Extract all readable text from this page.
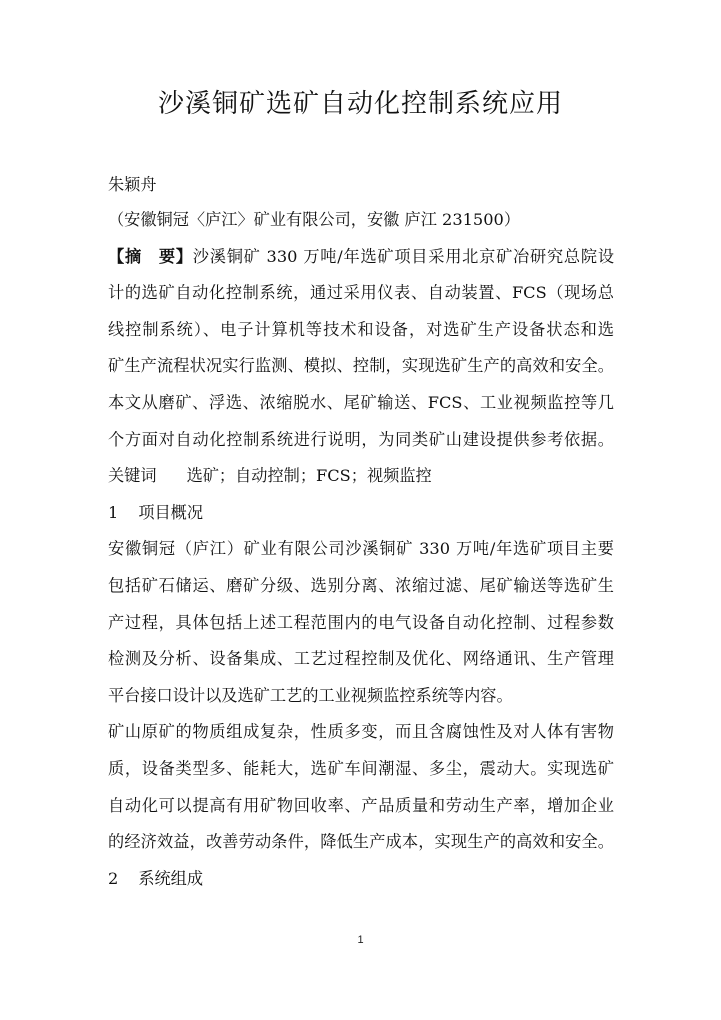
沙溪铜矿选矿自动化控制系统应用
朱颖舟
（安徽铜冠〈庐江〉矿业有限公司，安徽 庐江 231500）
【摘　要】沙溪铜矿 330 万吨/年选矿项目采用北京矿冶研究总院设
计的选矿自动化控制系统，通过采用仪表、自动装置、FCS（现场总
线控制系统）、电子计算机等技术和设备，对选矿生产设备状态和选
矿生产流程状况实行监测、模拟、控制，实现选矿生产的高效和安全。
本文从磨矿、浮选、浓缩脱水、尾矿输送、FCS、工业视频监控等几
个方面对自动化控制系统进行说明，为同类矿山建设提供参考依据。
关键词 选矿；自动控制；FCS；视频监控
1 项目概况
安徽铜冠（庐江）矿业有限公司沙溪铜矿 330 万吨/年选矿项目主要
包括矿石储运、磨矿分级、选别分离、浓缩过滤、尾矿输送等选矿生
产过程，具体包括上述工程范围内的电气设备自动化控制、过程参数
检测及分析、设备集成、工艺过程控制及优化、网络通讯、生产管理
平台接口设计以及选矿工艺的工业视频监控系统等内容。
矿山原矿的物质组成复杂，性质多变，而且含腐蚀性及对人体有害物
质，设备类型多、能耗大，选矿车间潮湿、多尘，震动大。实现选矿
自动化可以提高有用矿物回收率、产品质量和劳动生产率，增加企业
的经济效益，改善劳动条件，降低生产成本，实现生产的高效和安全。
2 系统组成
1
